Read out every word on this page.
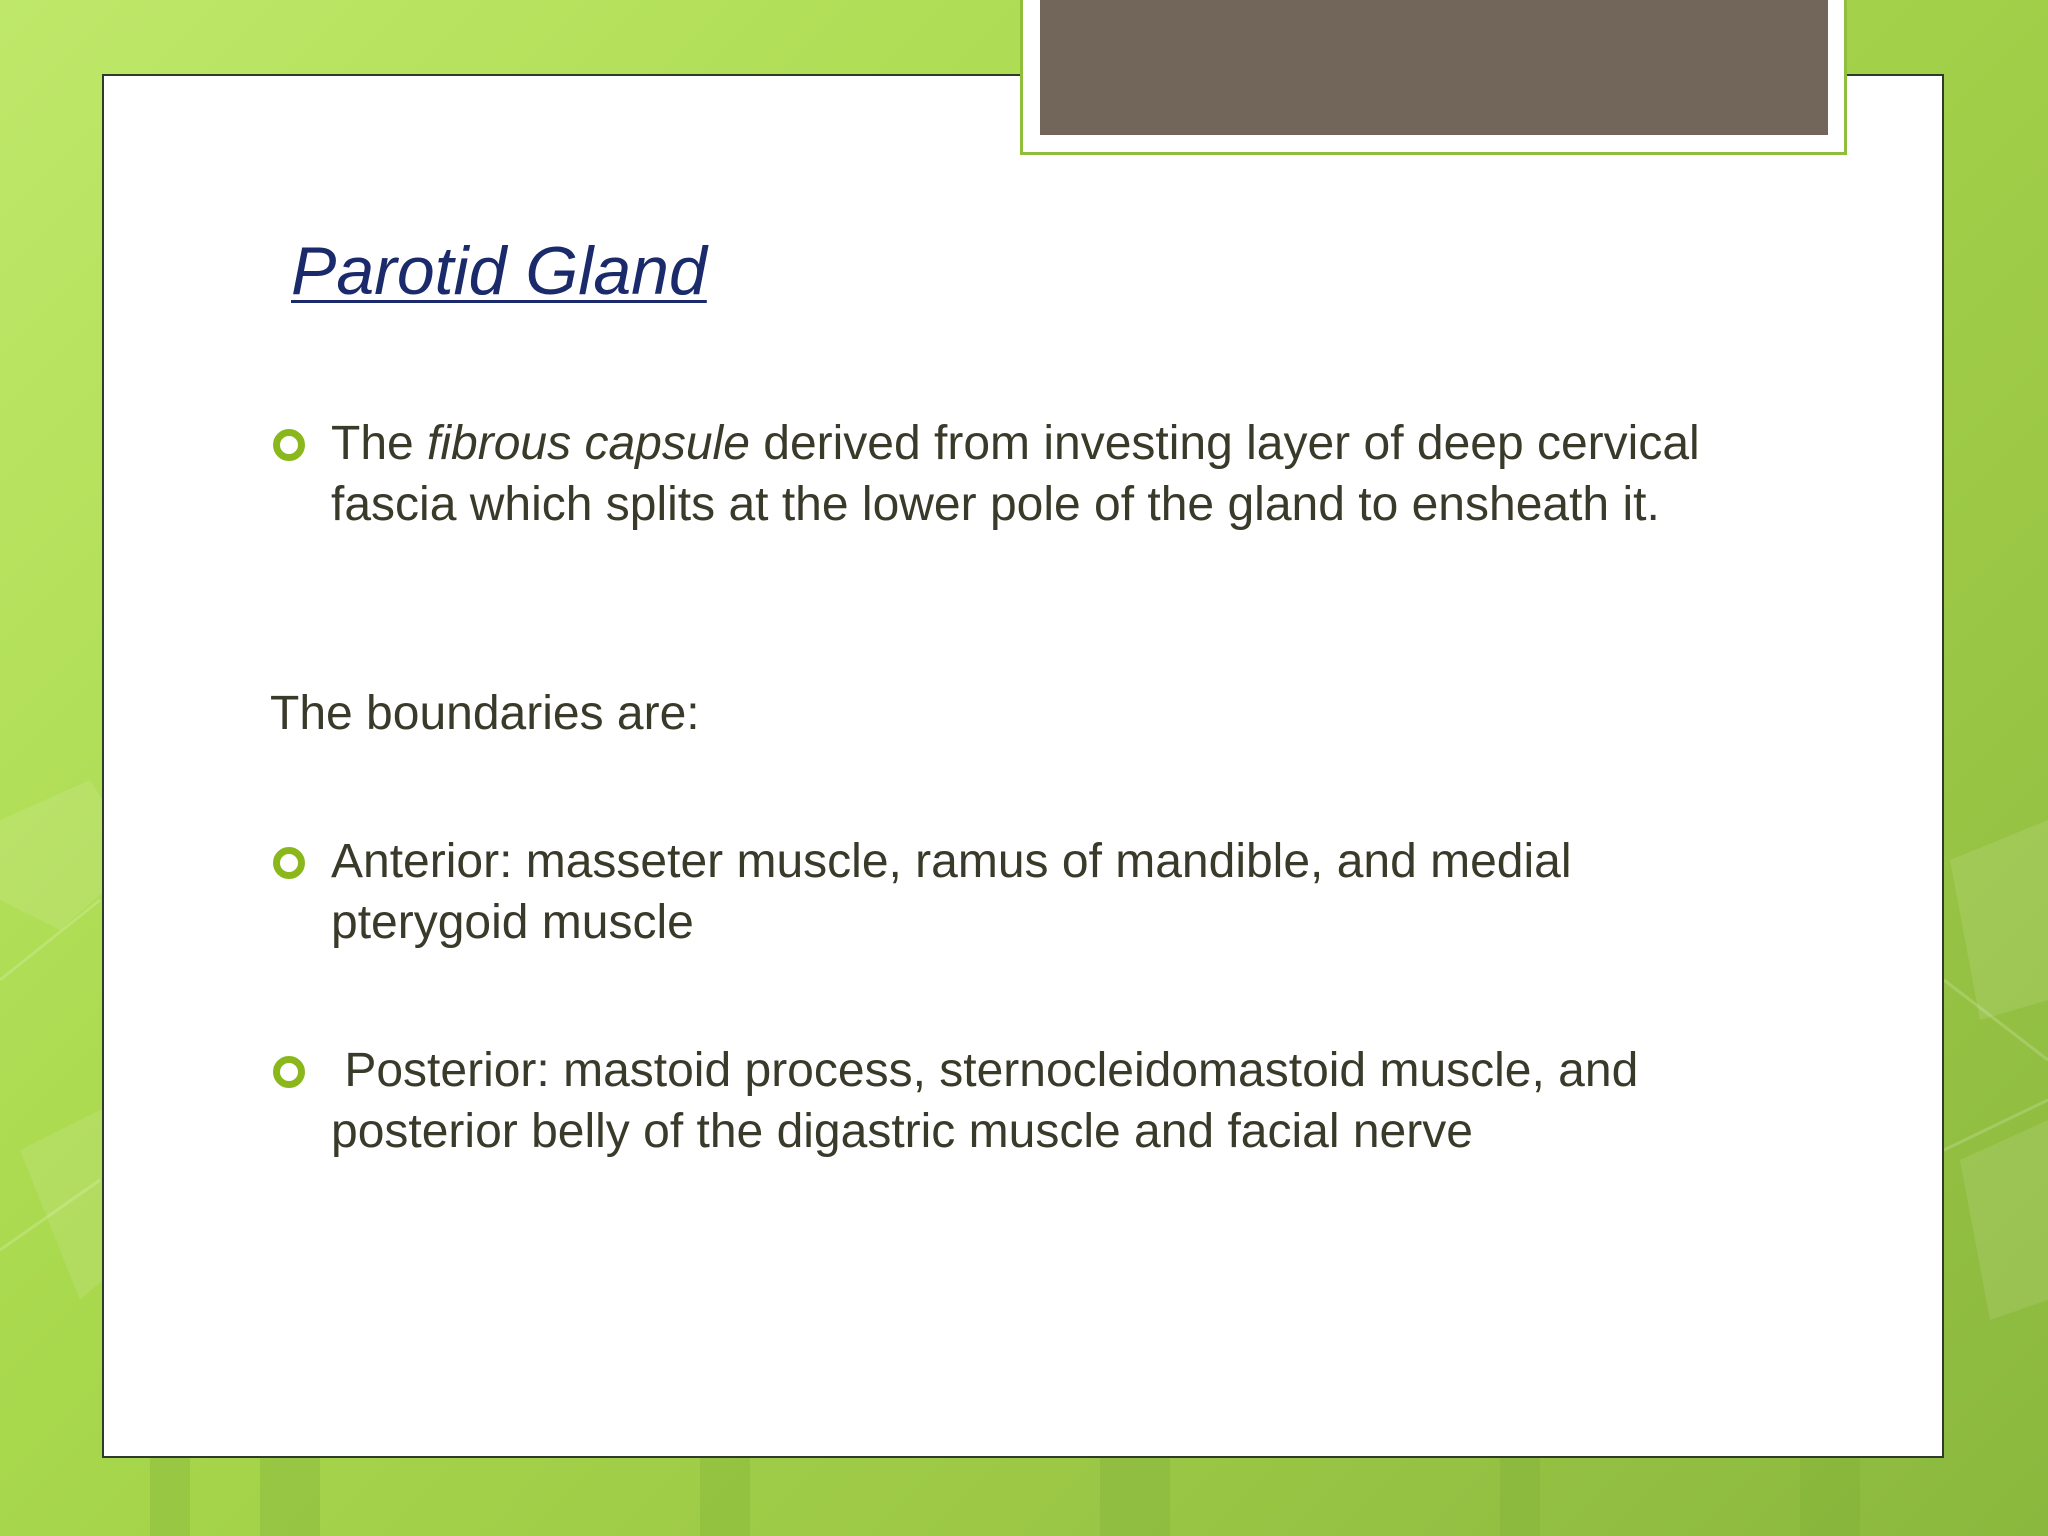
Parotid Gland
The fibrous capsule derived from investing layer of deep cervical fascia which splits at the lower pole of the gland to ensheath it.
The boundaries are:
Anterior: masseter muscle, ramus of mandible, and medial pterygoid muscle
Posterior: mastoid process, sternocleidomastoid muscle, and posterior belly of the digastric muscle and facial nerve
